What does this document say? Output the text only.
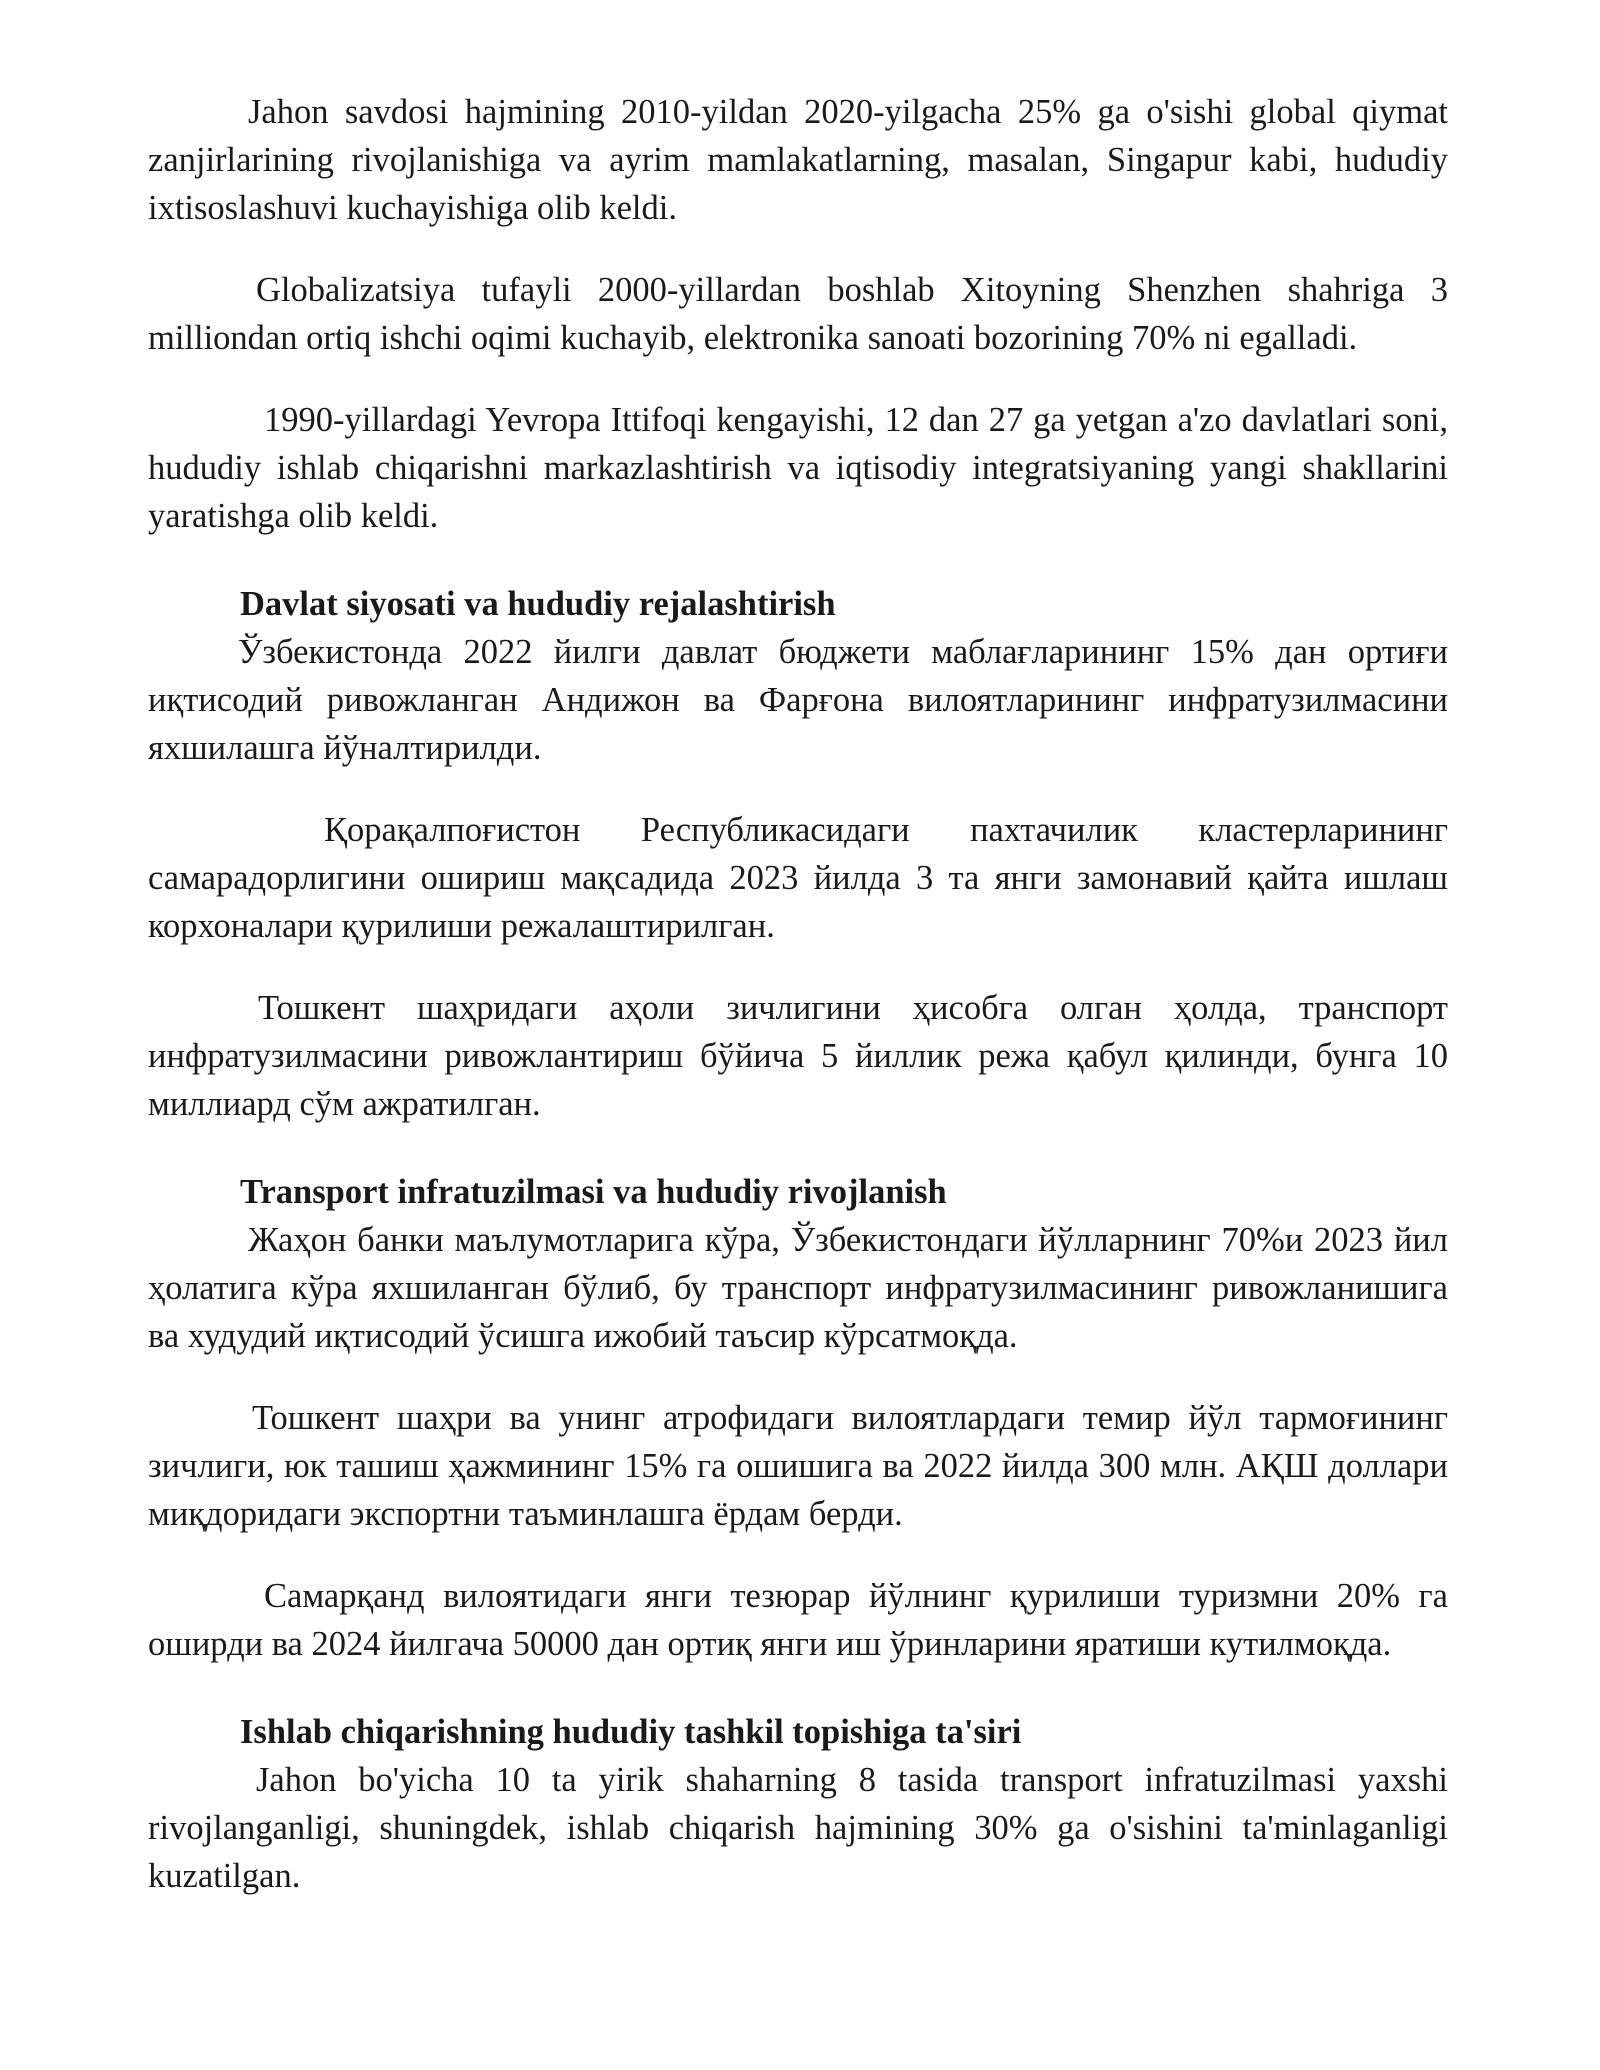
Jahon savdosi hajmining 2010-yildan 2020-yilgacha 25% ga o'sishi global qiymat zanjirlarining rivojlanishiga va ayrim mamlakatlarning, masalan, Singapur kabi, hududiy ixtisoslashuvi kuchayishiga olib keldi.

Globalizatsiya tufayli 2000-yillardan boshlab Xitoyning Shenzhen shahriga 3 milliondan ortiq ishchi oqimi kuchayib, elektronika sanoati bozorining 70% ni egalladi.

1990-yillardagi Yevropa Ittifoqi kengayishi, 12 dan 27 ga yetgan a'zo davlatlari soni, hududiy ishlab chiqarishni markazlashtirish va iqtisodiy integratsiyaning yangi shakllarini yaratishga olib keldi.

Davlat siyosati va hududiy rejalashtirish

Ўзбекистонда 2022 йилги давлат бюджети маблағларининг 15% дан ортиғи иқтисодий ривожланган Андижон ва Фарғона вилоятларининг инфратузилмасини яхшилашга йўналтирилди.

Қорақалпоғистон Республикасидаги пахтачилик кластерларининг самарадорлигини ошириш мақсадида 2023 йилда 3 та янги замонавий қайта ишлаш корхоналари қурилиши режалаштирилган.

Тошкент шаҳридаги аҳоли зичлигини ҳисобга олган ҳолда, транспорт инфратузилмасини ривожлантириш бўйича 5 йиллик режа қабул қилинди, бунга 10 миллиард сўм ажратилган.

Transport infratuzilmasi va hududiy rivojlanish

Жаҳон банки маълумотларига кўра, Ўзбекистондаги йўлларнинг 70%и 2023 йил ҳолатига кўра яхшиланган бўлиб, бу транспорт инфратузилмасининг ривожланишига ва худудий иқтисодий ўсишга ижобий таъсир кўрсатмоқда.

Тошкент шаҳри ва унинг атрофидаги вилоятлардаги темир йўл тармоғининг зичлиги, юк ташиш ҳажмининг 15% га ошишига ва 2022 йилда 300 млн. АҚШ доллари миқдоридаги экспортни таъминлашга ёрдам берди.

Самарқанд вилоятидаги янги тезюрар йўлнинг қурилиши туризмни 20% га оширди ва 2024 йилгача 50000 дан ортиқ янги иш ўринларини яратиши кутилмоқда.

Ishlab chiqarishning hududiy tashkil topishiga ta'siri

Jahon bo'yicha 10 ta yirik shaharning 8 tasida transport infratuzilmasi yaxshi rivojlanganligi, shuningdek, ishlab chiqarish hajmining 30% ga o'sishini ta'minlaganligi kuzatilgan.
